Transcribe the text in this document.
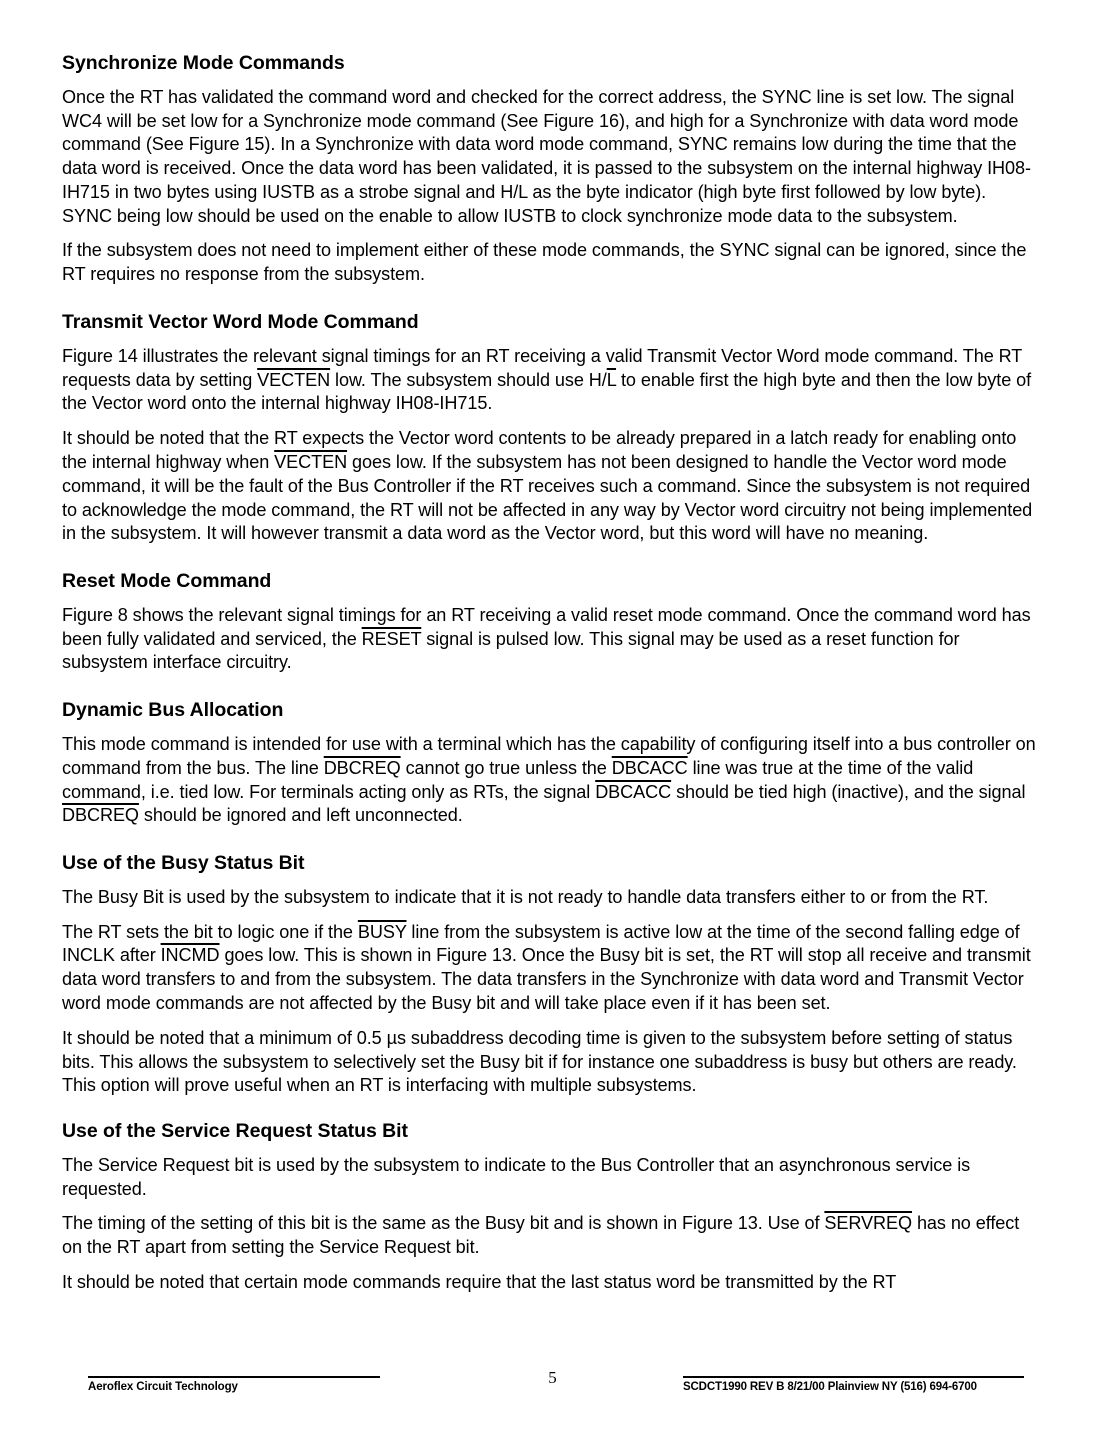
Synchronize Mode Commands

Once the RT has validated the command word and checked for the correct address, the SYNC line is set low. The signal WC4 will be set low for a Synchronize mode command (See Figure 16), and high for a Synchronize with data word mode command (See Figure 15). In a Synchronize with data word mode command, SYNC remains low during the time that the data word is received. Once the data word has been validated, it is passed to the subsystem on the internal highway IH08-IH715 in two bytes using IUSTB as a strobe signal and H/L as the byte indicator (high byte first followed by low byte). SYNC being low should be used on the enable to allow IUSTB to clock synchronize mode data to the subsystem.

If the subsystem does not need to implement either of these mode commands, the SYNC signal can be ignored, since the RT requires no response from the subsystem.

Transmit Vector Word Mode Command

Figure 14 illustrates the relevant signal timings for an RT receiving a valid Transmit Vector Word mode command. The RT requests data by setting VECTEN low. The subsystem should use $H/\overline{L}$ to enable first the high byte and then the low byte of the Vector word onto the internal highway IH08-IH715.

It should be noted that the RT expects the Vector word contents to be already prepared in a latch ready for enabling onto the internal highway when VECTEN goes low. If the subsystem has not been designed to handle the Vector word mode command, it will be the fault of the Bus Controller if the RT receives such a command. Since the subsystem is not required to acknowledge the mode command, the RT will not be affected in any way by Vector word circuitry not being implemented in the subsystem. It will however transmit a data word as the Vector word, but this word will have no meaning.

Reset Mode Command

Figure 8 shows the relevant signal timings for an RT receiving a valid reset mode command. Once the command word has been fully validated and serviced, the RESET signal is pulsed low. This signal may be used as a reset function for subsystem interface circuitry.

Dynamic Bus Allocation

This mode command is intended for use with a terminal which has the capability of configuring itself into a bus controller on command from the bus. The line DBCREQ cannot go true unless the DBCACC line was true at the time of the valid command, i.e. tied low. For terminals acting only as RTs, the signal DBCACC should be tied high (inactive), and the signal DBCREQ should be ignored and left unconnected.

Use of the Busy Status Bit

The Busy Bit is used by the subsystem to indicate that it is not ready to handle data transfers either to or from the RT.

The RT sets the bit to logic one if the BUSY line from the subsystem is active low at the time of the second falling edge of INCLK after INCMD goes low. This is shown in Figure 13. Once the Busy bit is set, the RT will stop all receive and transmit data word transfers to and from the subsystem. The data transfers in the Synchronize with data word and Transmit Vector word mode commands are not affected by the Busy bit and will take place even if it has been set.

It should be noted that a minimum of 0.5 µs subaddress decoding time is given to the subsystem before setting of status bits. This allows the subsystem to selectively set the Busy bit if for instance one subaddress is busy but others are ready. This option will prove useful when an RT is interfacing with multiple subsystems.

Use of the Service Request Status Bit

The Service Request bit is used by the subsystem to indicate to the Bus Controller that an asynchronous service is requested.

The timing of the setting of this bit is the same as the Busy bit and is shown in Figure 13. Use of SERVREQ has no effect on the RT apart from setting the Service Request bit.

It should be noted that certain mode commands require that the last status word be transmitted by the RT

5
Aeroflex Circuit Technology	SCDCT1990 REV B 8/21/00 Plainview NY (516) 694-6700
